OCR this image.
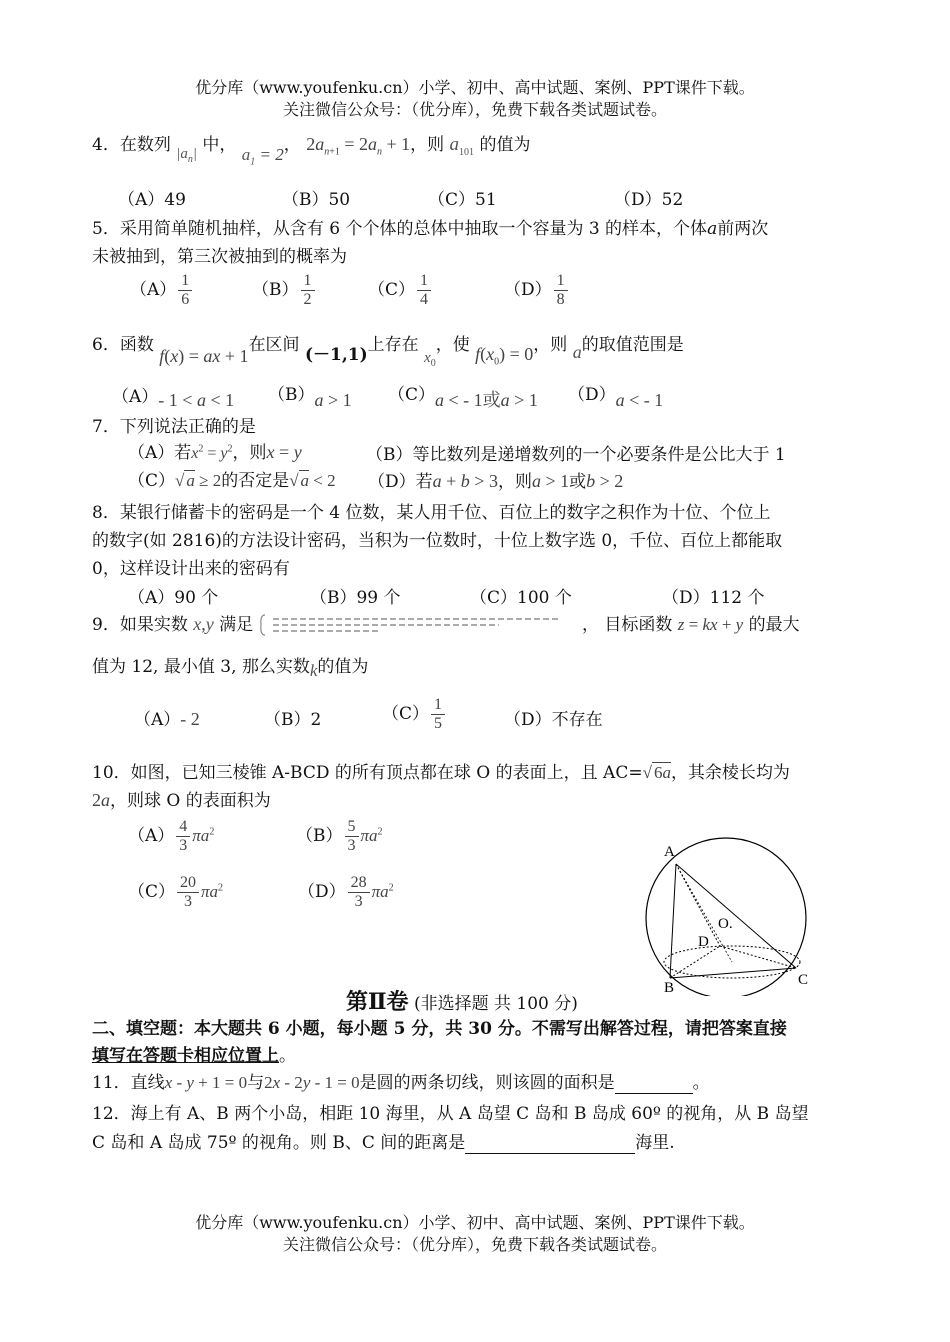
优分库（www.youfenku.cn）小学、初中、高中试题、案例、PPT课件下载。
关注微信公众号：（优分库），免费下载各类试题试卷。
4．在数列 $|a_n|$ 中， $a_1 = 2$， $2a_{n+1} = 2a_n + 1$，则 $a_{101}$ 的值为
（A）49	（B）50	（C）51	（D）52
5．采用简单随机抽样，从含有 6 个个体的总体中抽取一个容量为 3 的样本，个体a前两次
未被抽到，第三次被抽到的概率为
$(A) \frac{1}{6}$	$(B) \frac{1}{2}$	$(C) \frac{1}{4}$	$(D) \frac{1}{8}$
6．函数 f(x) = ax + 1在区间 (－1,1)上存在 $x_0$，使 $f(x_0) = 0$，则 a的取值范围是
（A）- 1 < a < 1 （B）a > 1 （C）a < - 1或a > 1 （D）a < - 1
7．下列说法正确的是
（A）若$x^2 = y^2$，则x = y	（B）等比数列是递增数列的一个必要条件是公比大于 1
（C）√ a ≥ 2的否定是√ a < 2 （D）若a + b > 3，则a > 1或b > 2
8．某银行储蓄卡的密码是一个 4 位数，某人用千位、百位上的数字之积作为十位、个位上
的数字(如 2816)的方法设计密码，当积为一位数时，十位上数字选 0，千位、百位上都能取
0，这样设计出来的密码有
（A）90 个	（B）99 个	（C）100 个	（D）112 个
9．如果实数 x,y 满足	， 目标函数 z = kx + y 的最大
值为 12, 最小值 3, 那么实数k的值为
（A）- 2	（B）2	$(C) \frac{1}{5}$	（D）不存在
10．如图，已知三棱锥 A-BCD 的所有顶点都在球 O 的表面上，且 AC=√ 6a，其余棱长均为
2a，则球 O 的表面积为
$(A) \frac{4}{3} \pi a^2$	$(B) \frac{5}{3} \pi a^2$
$(C) \frac{20}{3} \pi a^2$	$(D) \frac{28}{3} \pi a^2$
A
B	C
D
O.
第Ⅱ卷 (非选择题 共 100 分)
二、填空题：本大题共 6 小题，每小题 5 分，共 30 分。不需写出解答过程，请把答案直接
填写在答题卡相应位置上。
11．直线x - y + 1 = 0与2x - 2y - 1 = 0是圆的两条切线，则该圆的面积是	。
12．海上有 A、B 两个小岛，相距 10 海里，从 A 岛望 C 岛和 B 岛成 60º 的视角，从 B 岛望
C 岛和 A 岛成 75º 的视角。则 B、C 间的距离是	海里.
优分库（www.youfenku.cn）小学、初中、高中试题、案例、PPT课件下载。
关注微信公众号：（优分库），免费下载各类试题试卷。
